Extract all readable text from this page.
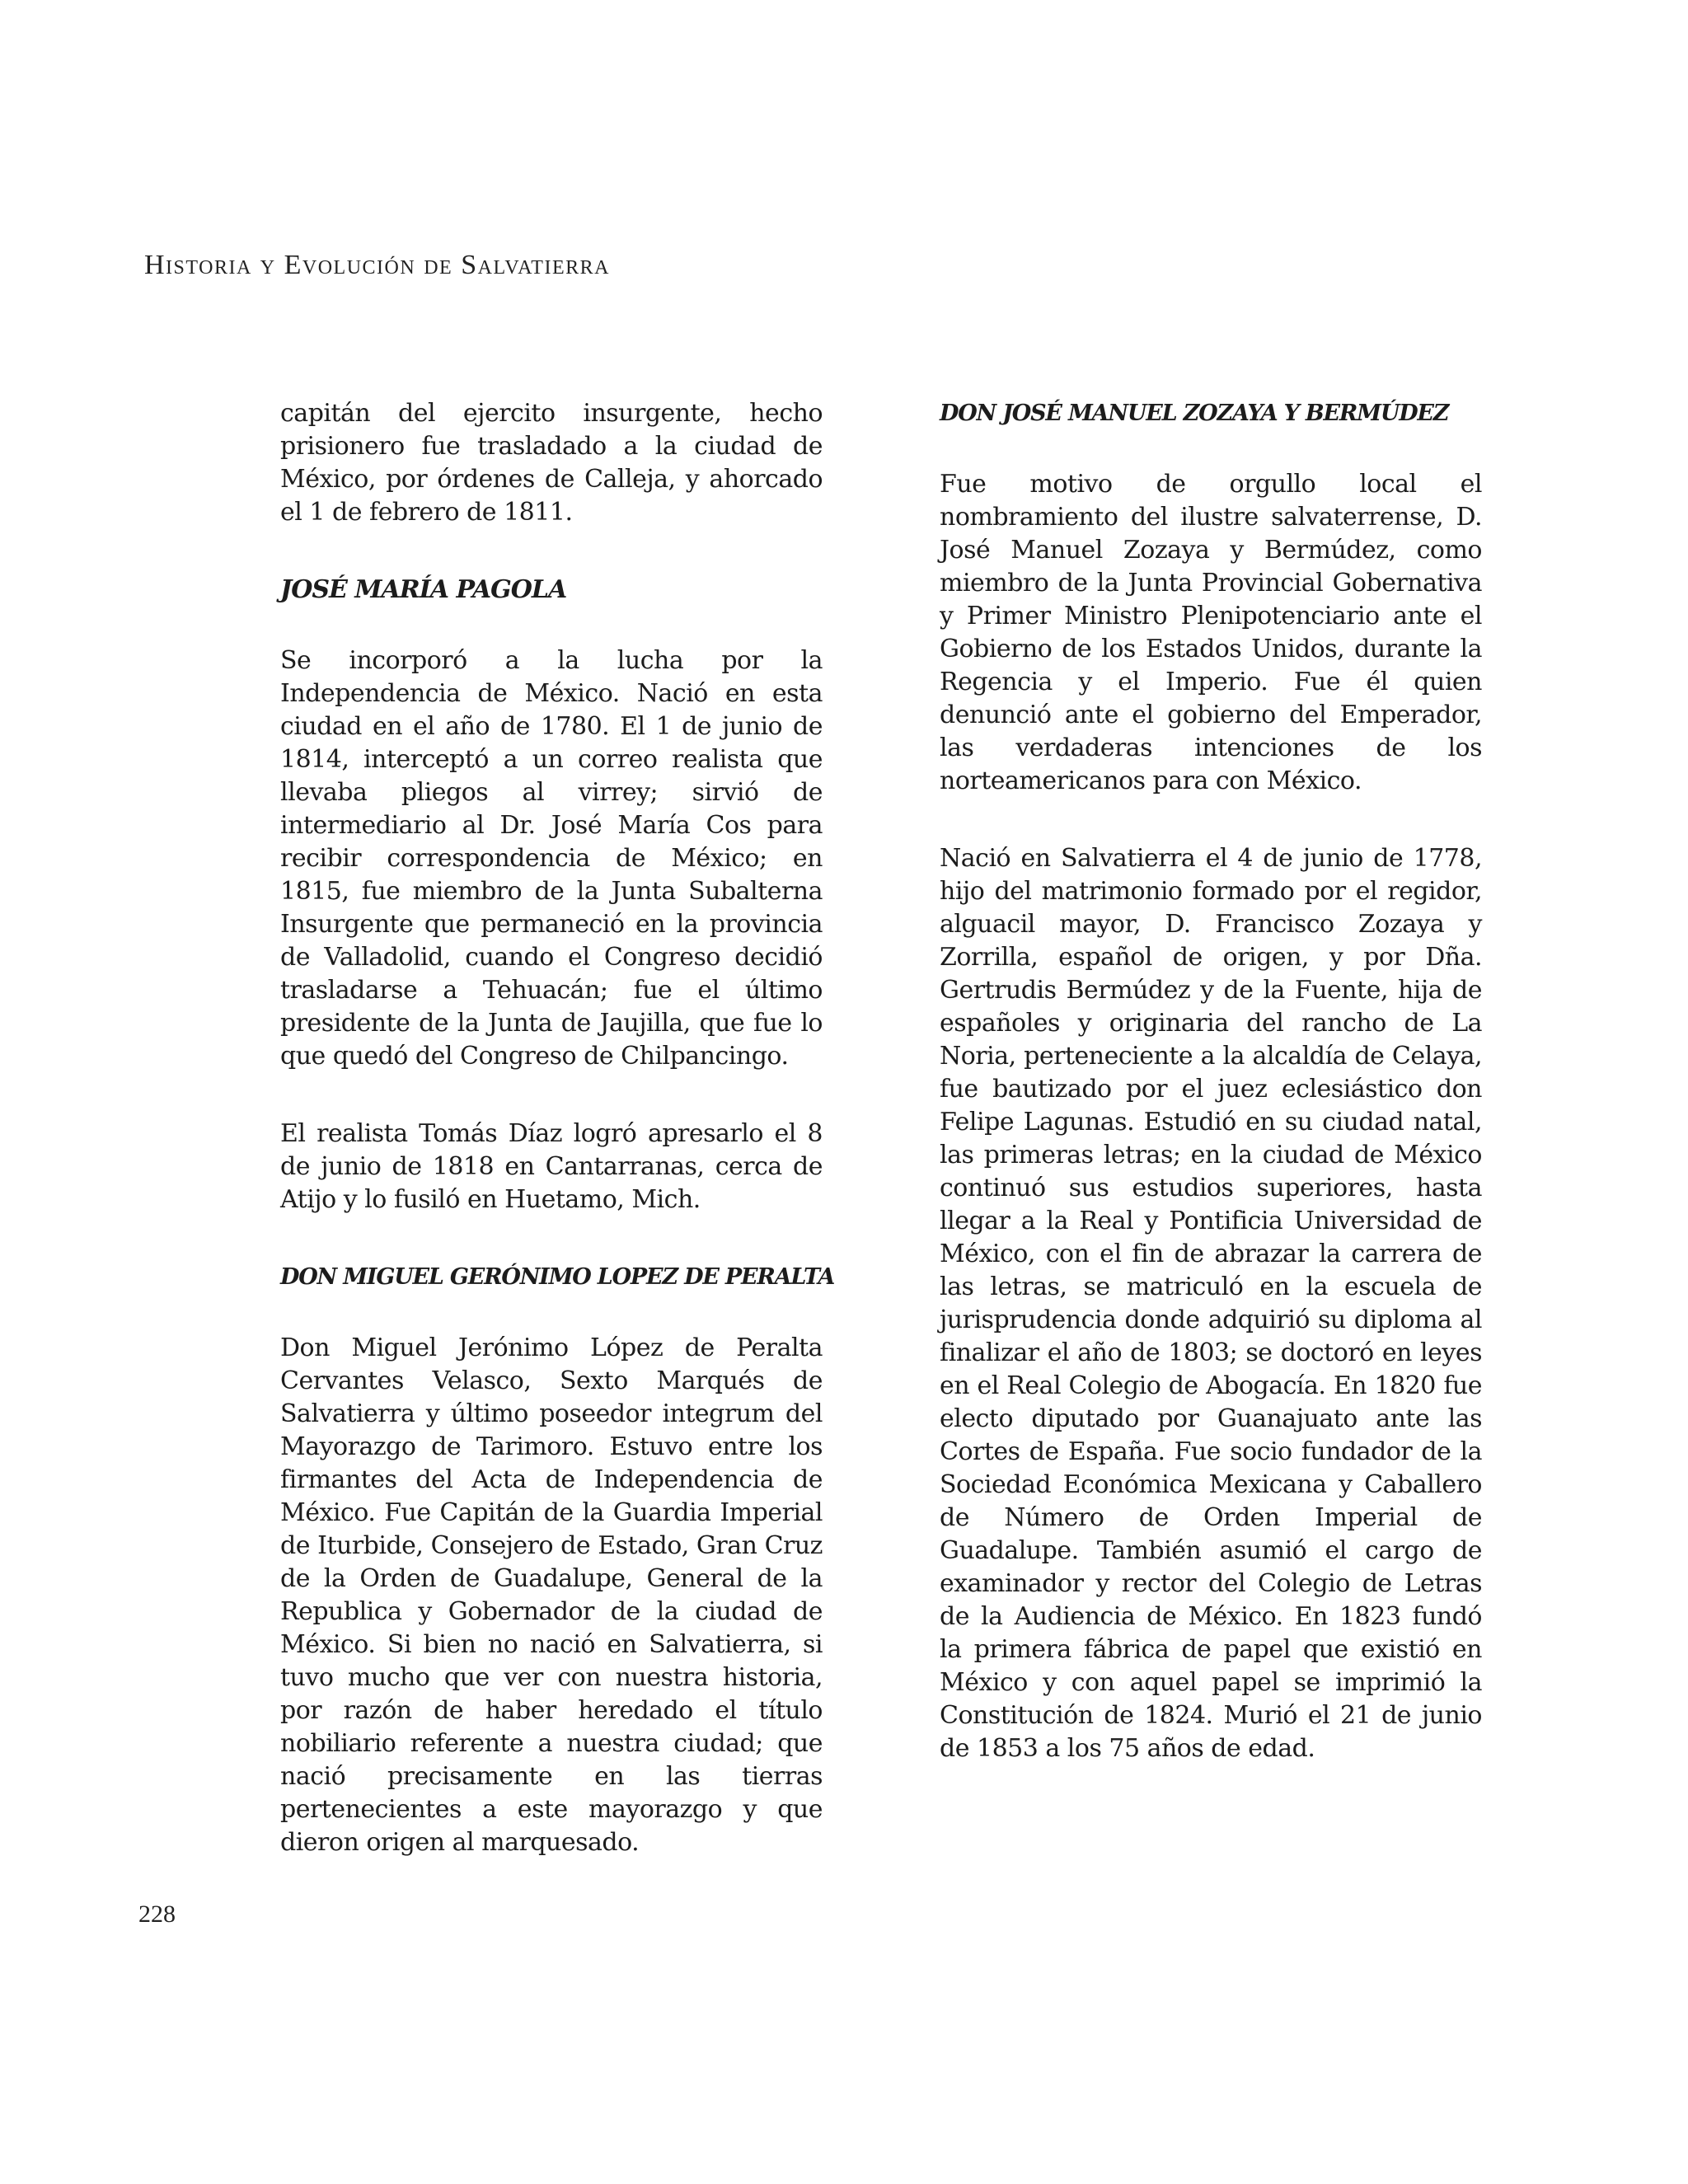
Historia y Evolución de Salvatierra

capitán del ejercito insurgente, hecho prisionero fue trasladado a la ciudad de México, por órdenes de Calleja, y ahorcado el 1 de febrero de 1811.

JOSÉ MARÍA PAGOLA

Se incorporó a la lucha por la Independencia de México. Nació en esta ciudad en el año de 1780. El 1 de junio de 1814, interceptó a un correo realista que llevaba pliegos al virrey; sirvió de intermediario al Dr. José María Cos para recibir correspondencia de México; en 1815, fue miembro de la Junta Subalterna Insurgente que permaneció en la provincia de Valladolid, cuando el Congreso decidió trasladarse a Tehuacán; fue el último presidente de la Junta de Jaujilla, que fue lo que quedó del Congreso de Chilpancingo.

El realista Tomás Díaz logró apresarlo el 8 de junio de 1818 en Cantarranas, cerca de Atijo y lo fusiló en Huetamo, Mich.

DON MIGUEL GERÓNIMO LOPEZ DE PERALTA

Don Miguel Jerónimo López de Peralta Cervantes Velasco, Sexto Marqués de Salvatierra y último poseedor integrum del Mayorazgo de Tarimoro. Estuvo entre los firmantes del Acta de Independencia de México. Fue Capitán de la Guardia Imperial de Iturbide, Consejero de Estado, Gran Cruz de la Orden de Guadalupe, General de la Republica y Gobernador de la ciudad de México. Si bien no nació en Salvatierra, si tuvo mucho que ver con nuestra historia, por razón de haber heredado el título nobiliario referente a nuestra ciudad; que nació precisamente en las tierras pertenecientes a este mayorazgo y que dieron origen al marquesado.

DON JOSÉ MANUEL ZOZAYA Y BERMÚDEZ

Fue motivo de orgullo local el nombramiento del ilustre salvaterrense, D. José Manuel Zozaya y Bermúdez, como miembro de la Junta Provincial Gobernativa y Primer Ministro Plenipotenciario ante el Gobierno de los Estados Unidos, durante la Regencia y el Imperio. Fue él quien denunció ante el gobierno del Emperador, las verdaderas intenciones de los norteamericanos para con México.

Nació en Salvatierra el 4 de junio de 1778, hijo del matrimonio formado por el regidor, alguacil mayor, D. Francisco Zozaya y Zorrilla, español de origen, y por Dña. Gertrudis Bermúdez y de la Fuente, hija de españoles y originaria del rancho de La Noria, perteneciente a la alcaldía de Celaya, fue bautizado por el juez eclesiástico don Felipe Lagunas. Estudió en su ciudad natal, las primeras letras; en la ciudad de México continuó sus estudios superiores, hasta llegar a la Real y Pontificia Universidad de México, con el fin de abrazar la carrera de las letras, se matriculó en la escuela de jurisprudencia donde adquirió su diploma al finalizar el año de 1803; se doctoró en leyes en el Real Colegio de Abogacía. En 1820 fue electo diputado por Guanajuato ante las Cortes de España. Fue socio fundador de la Sociedad Económica Mexicana y Caballero de Número de Orden Imperial de Guadalupe. También asumió el cargo de examinador y rector del Colegio de Letras de la Audiencia de México. En 1823 fundó la primera fábrica de papel que existió en México y con aquel papel se imprimió la Constitución de 1824. Murió el 21 de junio de 1853 a los 75 años de edad.

228
